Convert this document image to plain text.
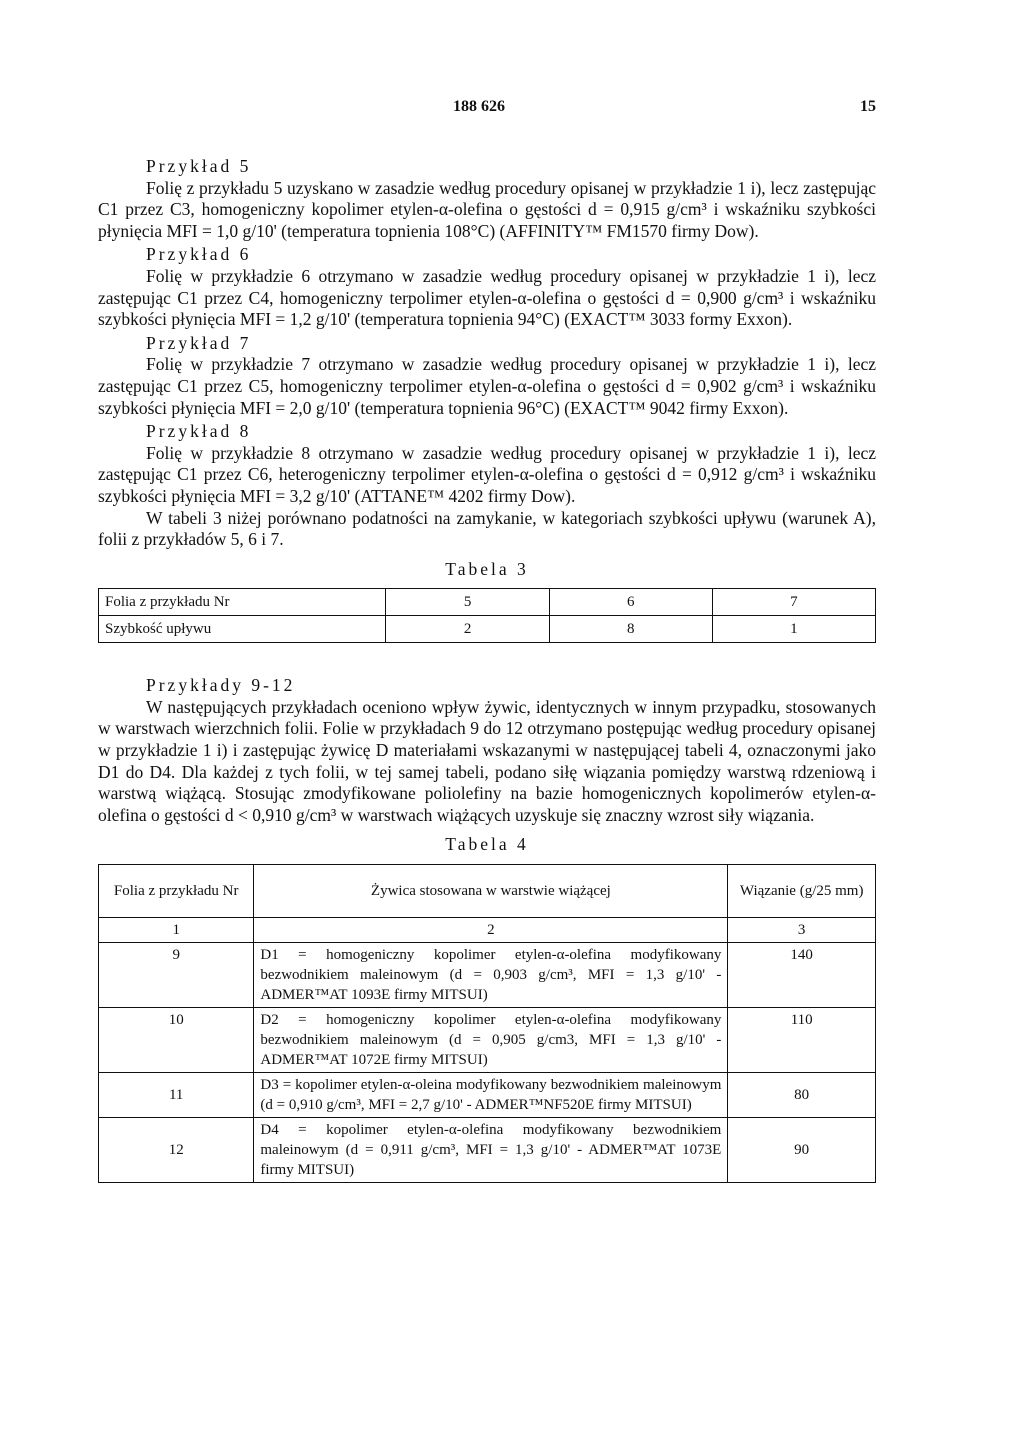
188 626	15
Przykład 5

Folię z przykładu 5 uzyskano w zasadzie według procedury opisanej w przykładzie 1 i), lecz zastępując C1 przez C3, homogeniczny kopolimer etylen-α-olefina o gęstości d = 0,915 g/cm³ i wskaźniku szybkości płynięcia MFI = 1,0 g/10' (temperatura topnienia 108°C) (AFFINITY™ FM1570 firmy Dow).

Przykład 6

Folię w przykładzie 6 otrzymano w zasadzie według procedury opisanej w przykładzie 1 i), lecz zastępując C1 przez C4, homogeniczny terpolimer etylen-α-olefina o gęstości d = 0,900 g/cm³ i wskaźniku szybkości płynięcia MFI = 1,2 g/10' (temperatura topnienia 94°C) (EXACT™ 3033 formy Exxon).

Przykład 7

Folię w przykładzie 7 otrzymano w zasadzie według procedury opisanej w przykładzie 1 i), lecz zastępując C1 przez C5, homogeniczny terpolimer etylen-α-olefina o gęstości d = 0,902 g/cm³ i wskaźniku szybkości płynięcia MFI = 2,0 g/10' (temperatura topnienia 96°C) (EXACT™ 9042 firmy Exxon).

Przykład 8

Folię w przykładzie 8 otrzymano w zasadzie według procedury opisanej w przykładzie 1 i), lecz zastępując C1 przez C6, heterogeniczny terpolimer etylen-α-olefina o gęstości d = 0,912 g/cm³ i wskaźniku szybkości płynięcia MFI = 3,2 g/10' (ATTANE™ 4202 firmy Dow).

W tabeli 3 niżej porównano podatności na zamykanie, w kategoriach szybkości upływu (warunek A), folii z przykładów 5, 6 i 7.

Tabela 3
Folia z przykładu Nr	5	6	7
Szybkość upływu	2	8	1
Przykłady 9-12

W następujących przykładach oceniono wpływ żywic, identycznych w innym przypadku, stosowanych w warstwach wierzchnich folii. Folie w przykładach 9 do 12 otrzymano postępując według procedury opisanej w przykładzie 1 i) i zastępując żywicę D materiałami wskazanymi w następującej tabeli 4, oznaczonymi jako D1 do D4. Dla każdej z tych folii, w tej samej tabeli, podano siłę wiązania pomiędzy warstwą rdzeniową i warstwą wiążącą. Stosując zmodyfikowane poliolefiny na bazie homogenicznych kopolimerów etylen-α-olefina o gęstości d < 0,910 g/cm³ w warstwach wiążących uzyskuje się znaczny wzrost siły wiązania.

Tabela 4
Folia z przykładu Nr	Żywica stosowana w warstwie wiążącej	Wiązanie (g/25 mm)
1	2	3
9	D1 = homogeniczny kopolimer etylen-α-olefina modyfikowany bezwodnikiem maleinowym (d = 0,903 g/cm³, MFI = 1,3 g/10' - ADMER™AT 1093E firmy MITSUI)	140
10	D2 = homogeniczny kopolimer etylen-α-olefina modyfikowany bezwodnikiem maleinowym (d = 0,905 g/cm3, MFI = 1,3 g/10' - ADMER™AT 1072E firmy MITSUI)	110
11	D3 = kopolimer etylen-α-oleina modyfikowany bezwodnikiem maleinowym (d = 0,910 g/cm³, MFI = 2,7 g/10' - ADMER™NF520E firmy MITSUI)	80
12	D4 = kopolimer etylen-α-olefina modyfikowany bezwodnikiem maleinowym (d = 0,911 g/cm³, MFI = 1,3 g/10' - ADMER™AT 1073E firmy MITSUI)	90
